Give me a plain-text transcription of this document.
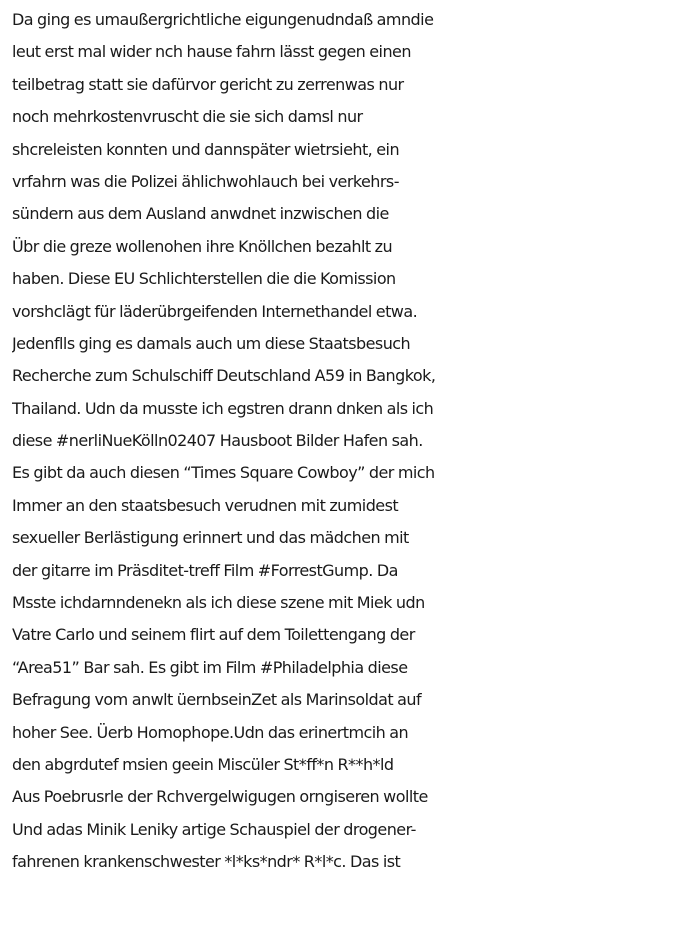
Da ging es umaußergrichtliche eigungenudndaß amndie
leut erst mal wider nch hause fahrn lässt gegen einen
teilbetrag statt sie dafürvor gericht zu zerrenwas nur
noch mehrkostenvruscht die sie sich damsl nur
shcreleisten konnten und dannspäter wietrsieht, ein
vrfahrn was die Polizei ählichwohlauch bei verkehrs-
sündern aus dem Ausland anwdnet inzwischen die
Übr die greze wollenohen ihre Knöllchen bezahlt zu
haben. Diese EU Schlichterstellen die die Komission
vorshclägt für läderübrgeifenden Internethandel etwa.
Jedenflls ging es damals auch um diese Staatsbesuch
Recherche zum Schulschiff Deutschland A59 in Bangkok,
Thailand. Udn da musste ich egstren drann dnken als ich
diese #nerliNueKölln02407 Hausboot Bilder Hafen sah.
Es gibt da auch diesen “Times Square Cowboy” der mich
Immer an den staatsbesuch verudnen mit zumidest
sexueller Berlästigung erinnert und das mädchen mit
der gitarre im Präsditet-treff Film #ForrestGump. Da
Msste ichdarnndenekn als ich diese szene mit Miek udn
Vatre Carlo und seinem flirt auf dem Toilettengang der
“Area51” Bar sah. Es gibt im Film #Philadelphia diese
Befragung vom anwlt üernbseinZet als Marinsoldat auf
hoher See. Üerb Homophope.Udn das erinertmcih an
den abgrdutef msien geein Miscüler St*ff*n R**h*ld
Aus Poebrusrle der Rchvergelwigugen orngiseren wollte
Und adas Minik Leniky artige Schauspiel der drogener-
fahrenen krankenschwester *l*ks*ndr* R*l*c. Das ist
